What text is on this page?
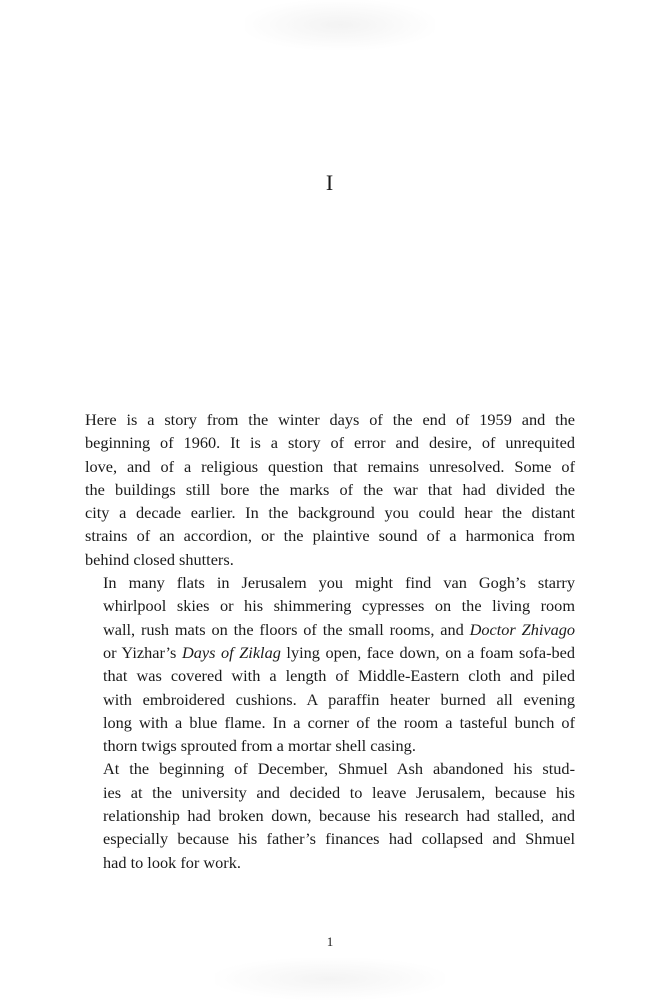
I

Here is a story from the winter days of the end of 1959 and the
beginning of 1960. It is a story of error and desire, of unrequited
love, and of a religious question that remains unresolved. Some of
the buildings still bore the marks of the war that had divided the
city a decade earlier. In the background you could hear the distant
strains of an accordion, or the plaintive sound of a harmonica from
behind closed shutters.

In many flats in Jerusalem you might find van Gogh’s starry
whirlpool skies or his shimmering cypresses on the living room
wall, rush mats on the floors of the small rooms, and Doctor Zhivago
or Yizhar’s Days of Ziklag lying open, face down, on a foam sofa-bed
that was covered with a length of Middle-Eastern cloth and piled
with embroidered cushions. A paraffin heater burned all evening
long with a blue flame. In a corner of the room a tasteful bunch of
thorn twigs sprouted from a mortar shell casing.

At the beginning of December, Shmuel Ash abandoned his stud-
ies at the university and decided to leave Jerusalem, because his
relationship had broken down, because his research had stalled, and
especially because his father’s finances had collapsed and Shmuel
had to look for work.

1
